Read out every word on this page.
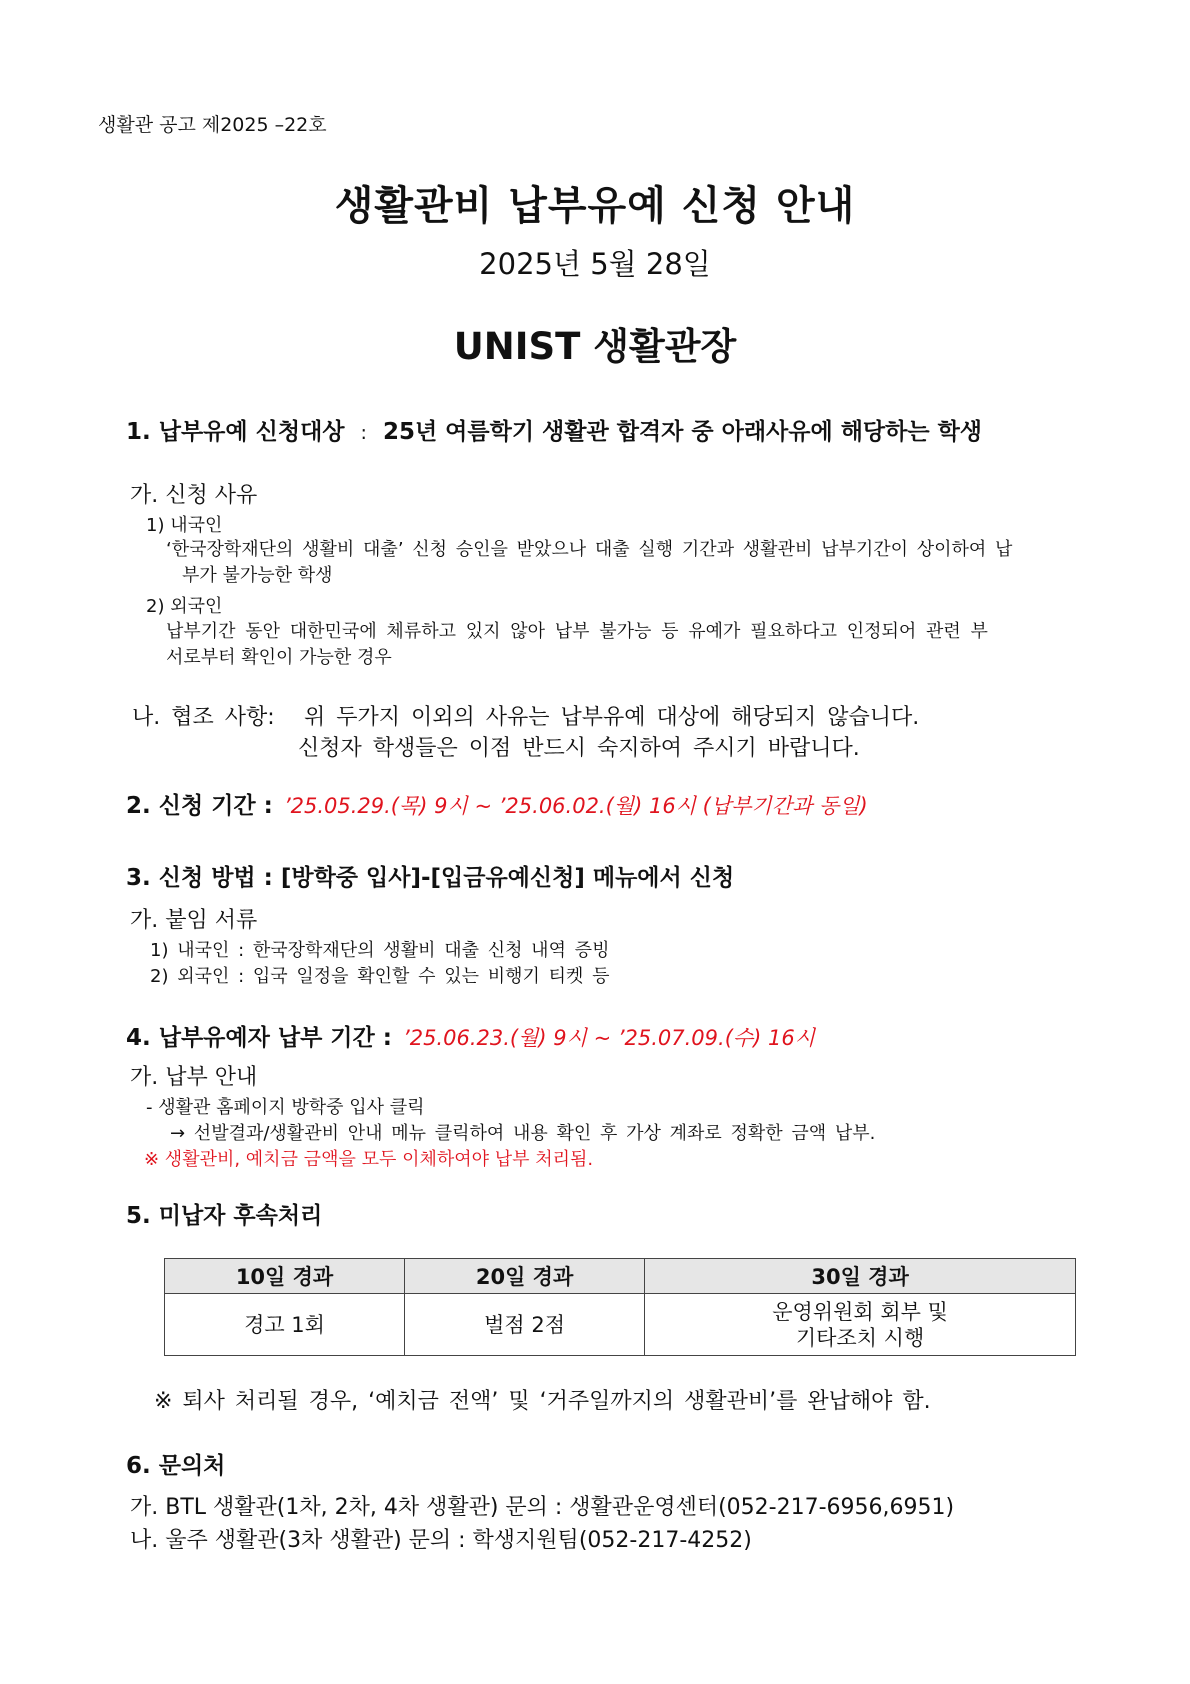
생활관 공고 제2025 –22호
생활관비 납부유예 신청 안내
2025년 5월 28일
UNIST 생활관장
1. 납부유예 신청대상 : 25년 여름학기 생활관 합격자 중 아래사유에 해당하는 학생
가. 신청 사유
1) 내국인
‘한국장학재단의 생활비 대출’ 신청 승인을 받았으나 대출 실행 기간과 생활관비 납부기간이 상이하여 납
부가 불가능한 학생
2) 외국인
납부기간 동안 대한민국에 체류하고 있지 않아 납부 불가능 등 유예가 필요하다고 인정되어 관련 부
서로부터 확인이 가능한 경우
나. 협조 사항: 위 두가지 이외의 사유는 납부유예 대상에 해당되지 않습니다.
신청자 학생들은 이점 반드시 숙지하여 주시기 바랍니다.
2. 신청 기간 : ’25.05.29.(목) 9시 ~ ’25.06.02.(월) 16시 (납부기간과 동일)
3. 신청 방법 : [방학중 입사]-[입금유예신청] 메뉴에서 신청
가. 붙임 서류
1) 내국인 : 한국장학재단의 생활비 대출 신청 내역 증빙
2) 외국인 : 입국 일정을 확인할 수 있는 비행기 티켓 등
4. 납부유예자 납부 기간 : ’25.06.23.(월) 9시 ~ ’25.07.09.(수) 16시
가. 납부 안내
- 생활관 홈페이지 방학중 입사 클릭
→ 선발결과/생활관비 안내 메뉴 클릭하여 내용 확인 후 가상 계좌로 정확한 금액 납부.
※ 생활관비, 예치금 금액을 모두 이체하여야 납부 처리됨.
5. 미납자 후속처리
10일 경과	20일 경과	30일 경과
경고 1회	벌점 2점	운영위원회 회부 및
기타조치 시행
※ 퇴사 처리될 경우, ‘예치금 전액’ 및 ‘거주일까지의 생활관비’를 완납해야 함.
6. 문의처
가. BTL 생활관(1차, 2차, 4차 생활관) 문의 : 생활관운영센터(052-217-6956,6951)
나. 울주 생활관(3차 생활관) 문의 : 학생지원팀(052-217-4252)
